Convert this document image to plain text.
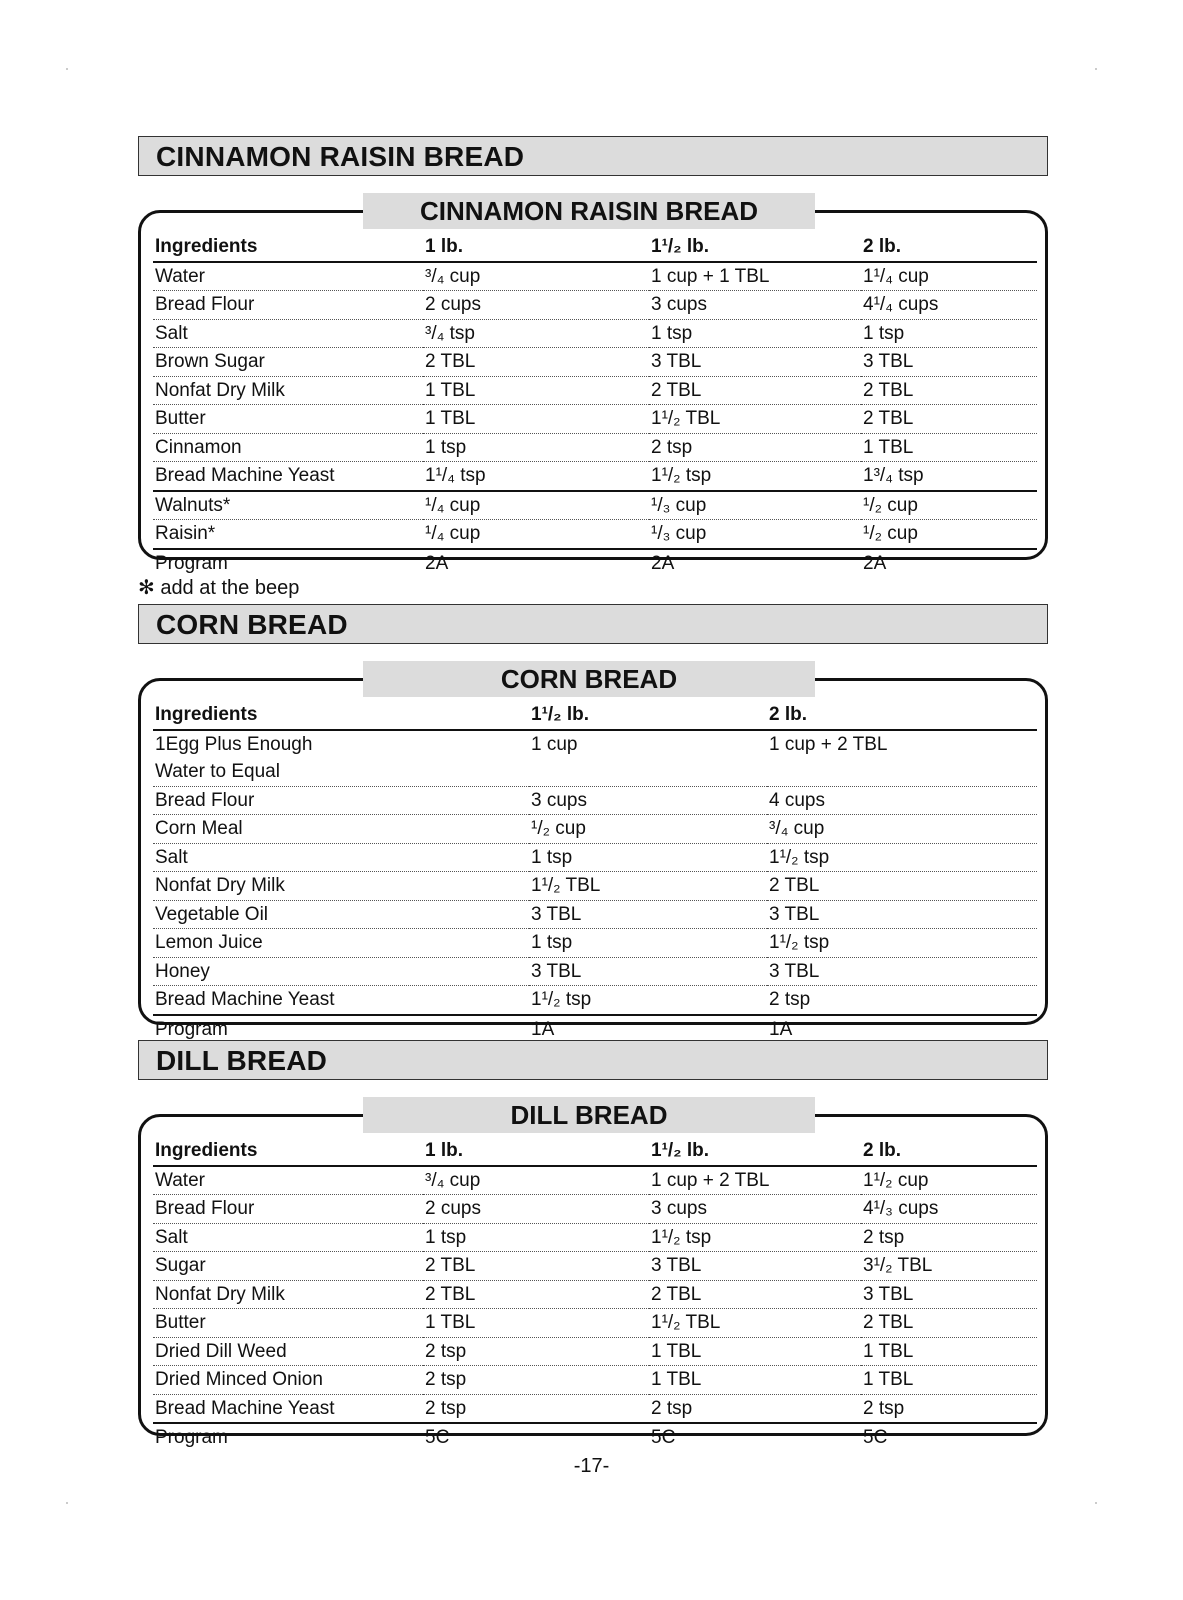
CINNAMON RAISIN BREAD
CINNAMON RAISIN BREAD
Ingredients	1 lb.	1¹/₂ lb.	2 lb.
Water	³/₄ cup	1 cup + 1 TBL	1¹/₄ cup
Bread Flour	2 cups	3 cups	4¹/₄ cups
Salt	³/₄ tsp	1 tsp	1 tsp
Brown Sugar	2 TBL	3 TBL	3 TBL
Nonfat Dry Milk	1 TBL	2 TBL	2 TBL
Butter	1 TBL	1¹/₂ TBL	2 TBL
Cinnamon	1 tsp	2 tsp	1 TBL
Bread Machine Yeast	1¹/₄ tsp	1¹/₂ tsp	1³/₄ tsp
Walnuts*	¹/₄ cup	¹/₃ cup	¹/₂ cup
Raisin*	¹/₄ cup	¹/₃ cup	¹/₂ cup
Program	2A	2A	2A
✻ add at the beep
CORN BREAD
CORN BREAD
Ingredients	1¹/₂ lb.	2 lb.
1Egg Plus Enough	1 cup	1 cup + 2 TBL
Water to Equal		
Bread Flour	3 cups	4 cups
Corn Meal	¹/₂ cup	³/₄ cup
Salt	1 tsp	1¹/₂ tsp
Nonfat Dry Milk	1¹/₂ TBL	2 TBL
Vegetable Oil	3 TBL	3 TBL
Lemon Juice	1 tsp	1¹/₂ tsp
Honey	3 TBL	3 TBL
Bread Machine Yeast	1¹/₂ tsp	2 tsp
Program	1A	1A
DILL BREAD
DILL BREAD
Ingredients	1 lb.	1¹/₂ lb.	2 lb.
Water	³/₄ cup	1 cup + 2 TBL	1¹/₂ cup
Bread Flour	2 cups	3 cups	4¹/₃ cups
Salt	1 tsp	1¹/₂ tsp	2 tsp
Sugar	2 TBL	3 TBL	3¹/₂ TBL
Nonfat Dry Milk	2 TBL	2 TBL	3 TBL
Butter	1 TBL	1¹/₂ TBL	2 TBL
Dried Dill Weed	2 tsp	1 TBL	1 TBL
Dried Minced Onion	2 tsp	1 TBL	1 TBL
Bread Machine Yeast	2 tsp	2 tsp	2 tsp
Program	5C	5C	5C
-17-
